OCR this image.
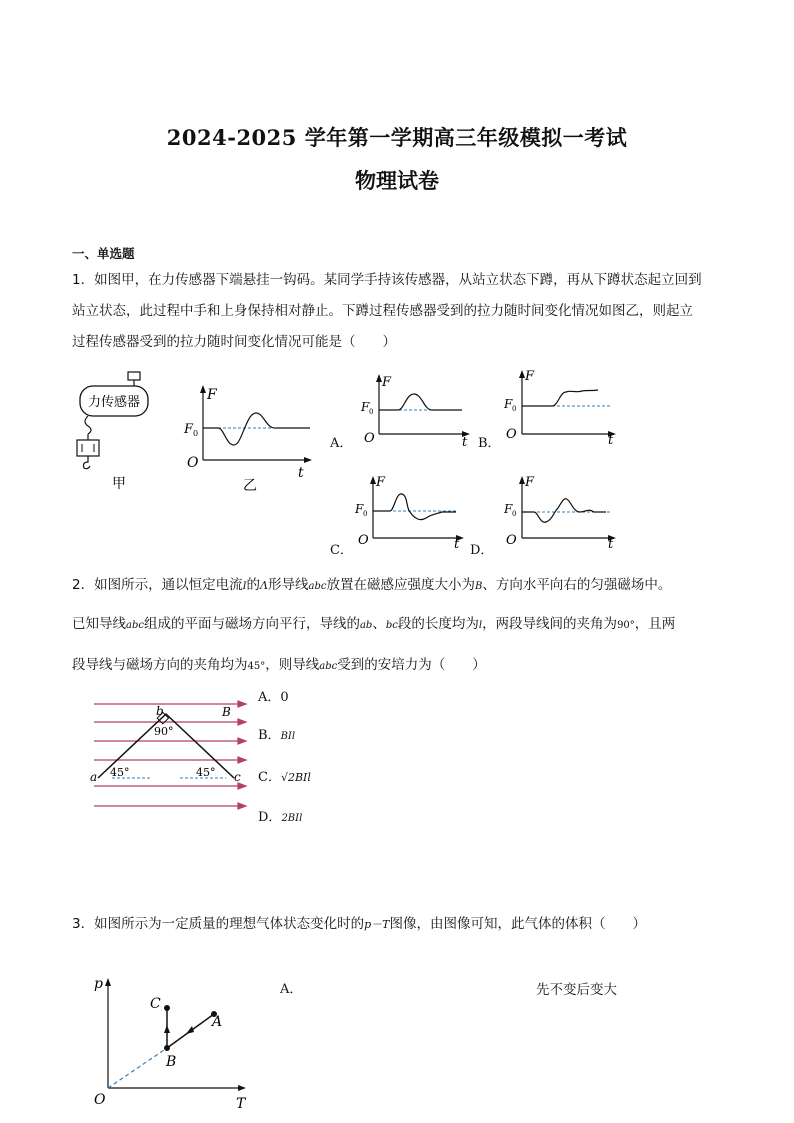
2024-2025 学年第一学期高三年级模拟一考试
物理试卷
一、单选题
1．如图甲，在力传感器下端悬挂一钩码。某同学手持该传感器，从站立状态下蹲，再从下蹲状态起立回到
站立状态，此过程中手和上身保持相对静止。下蹲过程传感器受到的拉力随时间变化情况如图乙，则起立
过程传感器受到的拉力随时间变化情况可能是（　　）
力传感器
甲
F
t
O
F 0
乙
A．
F
t
O
F 0
B．
F
t
O
F 0
C．
F
t
O
F 0
D．
F
t
O
F 0
2．如图所示，通以恒定电流I的Λ形导线abc放置在磁感应强度大小为B、方向水平向右的匀强磁场中。
已知导线abc组成的平面与磁场方向平行，导线的ab、bc段的长度均为l，两段导线间的夹角为90°，且两
段导线与磁场方向的夹角均为45°，则导线abc受到的安培力为（　　）
b	B
90°
a	c
45°	45°
A．0
B．BIl
C．√2BIl
D．2BIl
3．如图所示为一定质量的理想气体状态变化时的p－T图像，由图像可知，此气体的体积（　　）
p
T
O
C
B
A
A．	先不变后变大
